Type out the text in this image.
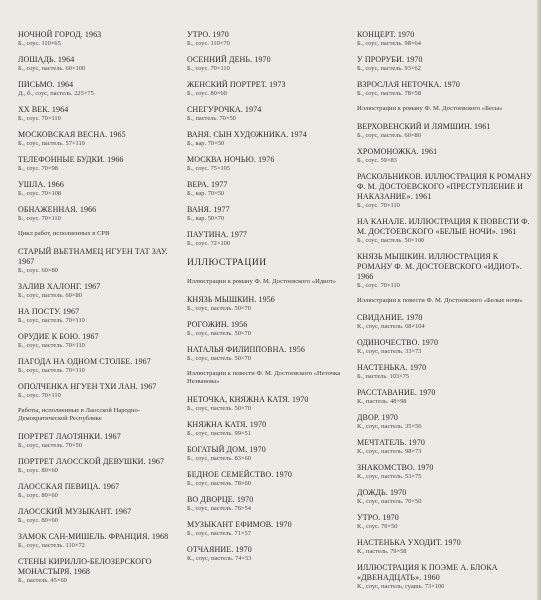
НОЧНОЙ ГОРОД. 1963
Б., соус. 110×65
ЛОШАДЬ. 1964
Б., соус, пастель. 60×100
ПИСЬМО. 1964
Д., б., соус, пастель. 225×75
XX ВЕК. 1964
Б., соус. 70×110
МОСКОВСКАЯ ВЕСНА. 1965
Б., соус, пастель. 57×110
ТЕЛЕФОННЫЕ БУДКИ. 1966
Б., соус. 70×98
УШЛА. 1966
Б., соус. 70×108
ОБНАЖЕННАЯ. 1966
Б., соус. 70×110
Цикл работ, исполненных в СРВ
СТАРЫЙ ВЬЕТНАМЕЦ НГУЕН ТАТ ЗАУ. 1967
Б., соус. 60×80
ЗАЛИВ ХАЛОНГ. 1967
Б., соус, пастель. 60×80
НА ПОСТУ. 1967
Б., соус, пастель. 70×110
ОРУДИЕ К БОЮ. 1967
Б., соус, пастель. 70×110
ПАГОДА НА ОДНОМ СТОЛБЕ. 1967
Б., соус, пастель. 70×110
ОПОЛЧЕНКА НГУЕН ТХИ ЛАН. 1967
Б., соус. 70×110
Работы, исполненные в Лаосской Народно-Демократической Республике
ПОРТРЕТ ЛАОТЯНКИ. 1967
Б., соус, пастель. 70×50
ПОРТРЕТ ЛАОССКОЙ ДЕВУШКИ. 1967
Б., соус. 80×60
ЛАОССКАЯ ПЕВИЦА. 1967
Б., соус. 80×60
ЛАОССКИЙ МУЗЫКАНТ. 1967
Б., соус. 80×60
ЗАМОК САН-МИШЕЛЬ. ФРАНЦИЯ. 1968
Б., соус, пастель. 110×72
СТЕНЫ КИРИЛЛО-БЕЛОЗЕРСКОГО МОНАСТЫРЯ. 1968
Б., пастель. 45×60
УТРО. 1970
Б., соус. 110×70
ОСЕННИЙ ДЕНЬ. 1970
Б., соус. 70×110
ЖЕНСКИЙ ПОРТРЕТ. 1973
Б., соус. 80×60
СНЕГУРОЧКА. 1974
Б., пастель. 70×50
ВАНЯ. СЫН ХУДОЖНИКА. 1974
Б., кар. 70×50
МОСКВА НОЧЬЮ. 1976
Б., соус. 75×105
ВЕРА. 1977
Б., кар. 70×50
ВАНЯ. 1977
Б., кар. 50×70
ПАУТИНА. 1977
Б., соус. 72×100
ИЛЛЮСТРАЦИИ
Иллюстрации к роману Ф. М. Достоевского «Идиот»
КНЯЗЬ МЫШКИН. 1956
Б., соус, пастель. 50×70
РОГОЖИН. 1956
Б., соус, пастель. 50×70
НАТАЛЬЯ ФИЛИППОВНА. 1956
Б., соус, пастель. 50×70
Иллюстрации к повести Ф. М. Достоевского «Неточка Незванова»
НЕТОЧКА, КНЯЖНА КАТЯ. 1970
Б., соус, пастель. 50×70
КНЯЖНА КАТЯ. 1970
Б., соус, пастель. 99×51
БОГАТЫЙ ДОМ. 1970
Б., соус, пастель. 83×60
БЕДНОЕ СЕМЕЙСТВО. 1970
Б., соус, пастель. 78×60
ВО ДВОРЦЕ. 1970
Б., соус, пастель. 78×54
МУЗЫКАНТ ЕФИМОВ. 1970
Б., соус, пастель. 71×57
ОТЧАЯНИЕ. 1970
К., соус, пастель. 74×53
КОНЦЕРТ. 1970
Б., соус, пастель. 98×64
У ПРОРУБИ. 1970
Б., соус, пастель. 93×62
ВЗРОСЛАЯ НЕТОЧКА. 1970
Б., соус, пастель. 78×58
Иллюстрации к роману Ф. М. Достоевского «Бесы»
ВЕРХОВЕНСКИЙ И ЛЯМШИН. 1961
Б., соус, пастель. 60×80
ХРОМОНОЖКА. 1961
Б., соус. 59×83
РАСКОЛЬНИКОВ. ИЛЛЮСТРАЦИЯ К РОМАНУ Ф. М. ДОСТОЕВСКОГО «ПРЕСТУПЛЕНИЕ И НАКАЗАНИЕ». 1961
Б., соус. 70×110
НА КАНАЛЕ. ИЛЛЮСТРАЦИЯ К ПОВЕСТИ Ф. М. ДОСТОЕВСКОГО «БЕЛЫЕ НОЧИ». 1961
Б., соус, пастель. 50×100
КНЯЗЬ МЫШКИН. ИЛЛЮСТРАЦИЯ К РОМАНУ Ф. М. ДОСТОЕВСКОГО «ИДИОТ». 1966
Б., соус. 70×110
Иллюстрации к повести Ф. М. Достоевского «Белые ночи»
СВИДАНИЕ. 1970
К., соус, пастель. 68×104
ОДИНОЧЕСТВО. 1970
К., соус, пастель. 33×73
НАСТЕНЬКА. 1970
Б., пастель. 103×75
РАССТАВАНИЕ. 1970
К., пастель. 48×98
ДВОР. 1970
К., соус, пастель. 35×56
МЕЧТАТЕЛЬ. 1970
К., соус, пастель. 98×73
ЗНАКОМСТВО. 1970
К., соус, пастель. 53×75
ДОЖДЬ. 1970
К., соус, пастель. 70×50
УТРО. 1970
К., соус. 70×50
НАСТЕНЬКА УХОДИТ. 1970
К., пастель. 79×58
ИЛЛЮСТРАЦИЯ К ПОЭМЕ А. БЛОКА «ДВЕНАДЦАТЬ». 1960
К., соус, пастель, гуашь. 73×100
